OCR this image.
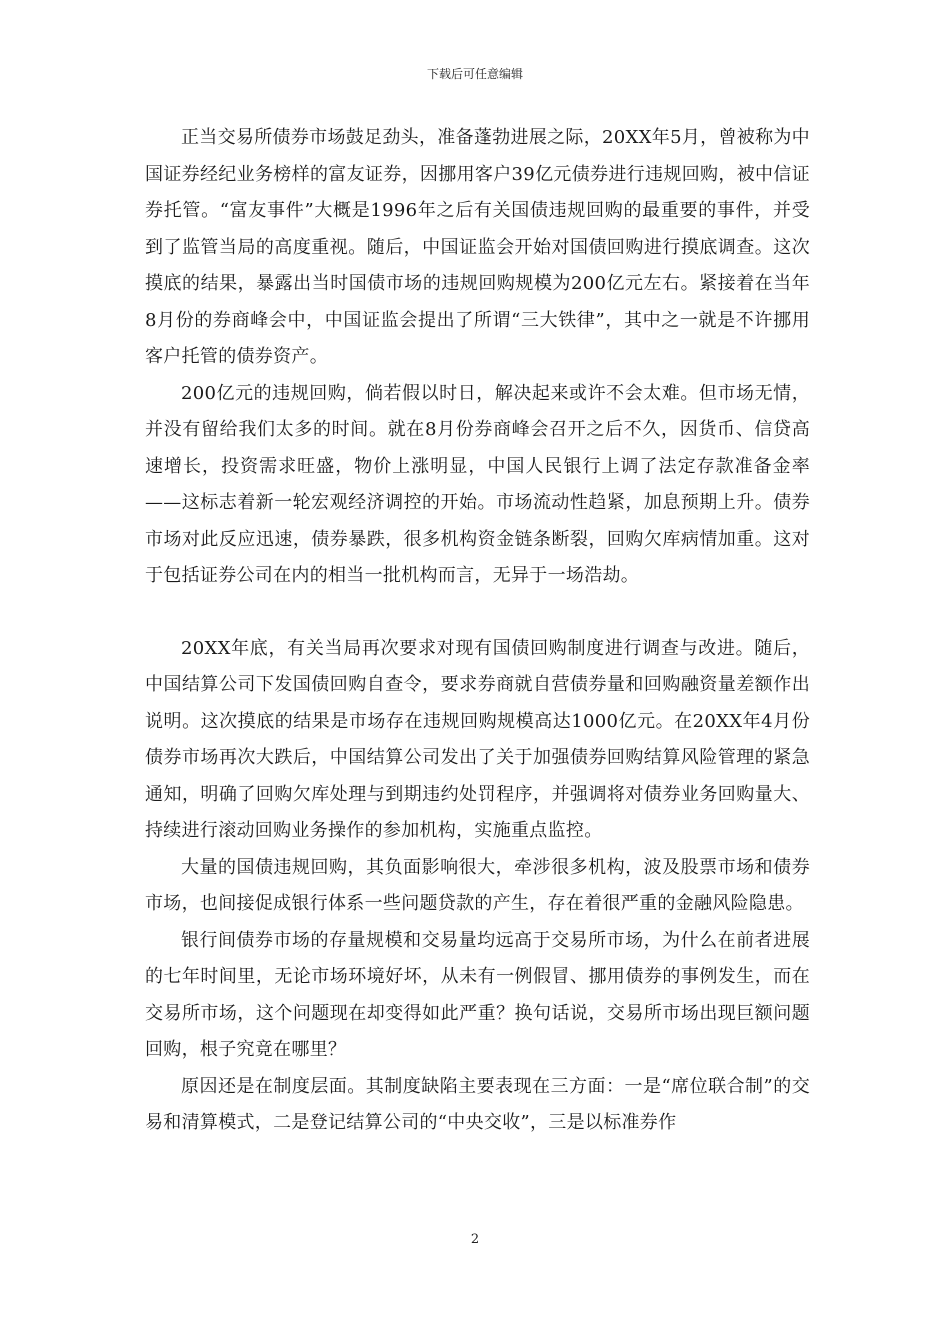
下载后可任意编辑

正当交易所债券市场鼓足劲头，准备蓬勃进展之际，20XX年5月，曾被称为中国证券经纪业务榜样的富友证券，因挪用客户39亿元债券进行违规回购，被中信证券托管。“富友事件”大概是1996年之后有关国债违规回购的最重要的事件，并受到了监管当局的高度重视。随后，中国证监会开始对国债回购进行摸底调查。这次摸底的结果，暴露出当时国债市场的违规回购规模为200亿元左右。紧接着在当年8月份的券商峰会中，中国证监会提出了所谓“三大铁律”，其中之一就是不许挪用客户托管的债券资产。

200亿元的违规回购，倘若假以时日，解决起来或许不会太难。但市场无情，并没有留给我们太多的时间。就在8月份券商峰会召开之后不久，因货币、信贷高速增长，投资需求旺盛，物价上涨明显，中国人民银行上调了法定存款准备金率——这标志着新一轮宏观经济调控的开始。市场流动性趋紧，加息预期上升。债券市场对此反应迅速，债券暴跌，很多机构资金链条断裂，回购欠库病情加重。这对于包括证券公司在内的相当一批机构而言，无异于一场浩劫。

20XX年底，有关当局再次要求对现有国债回购制度进行调查与改进。随后，中国结算公司下发国债回购自查令，要求券商就自营债券量和回购融资量差额作出说明。这次摸底的结果是市场存在违规回购规模高达1000亿元。在20XX年4月份债券市场再次大跌后，中国结算公司发出了关于加强债券回购结算风险管理的紧急通知，明确了回购欠库处理与到期违约处罚程序，并强调将对债券业务回购量大、持续进行滚动回购业务操作的参加机构，实施重点监控。

大量的国债违规回购，其负面影响很大，牵涉很多机构，波及股票市场和债券市场，也间接促成银行体系一些问题贷款的产生，存在着很严重的金融风险隐患。

银行间债券市场的存量规模和交易量均远高于交易所市场，为什么在前者进展的七年时间里，无论市场环境好坏，从未有一例假冒、挪用债券的事例发生，而在交易所市场，这个问题现在却变得如此严重？换句话说，交易所市场出现巨额问题回购，根子究竟在哪里？

原因还是在制度层面。其制度缺陷主要表现在三方面：一是“席位联合制”的交易和清算模式，二是登记结算公司的“中央交收”，三是以标准券作

2
